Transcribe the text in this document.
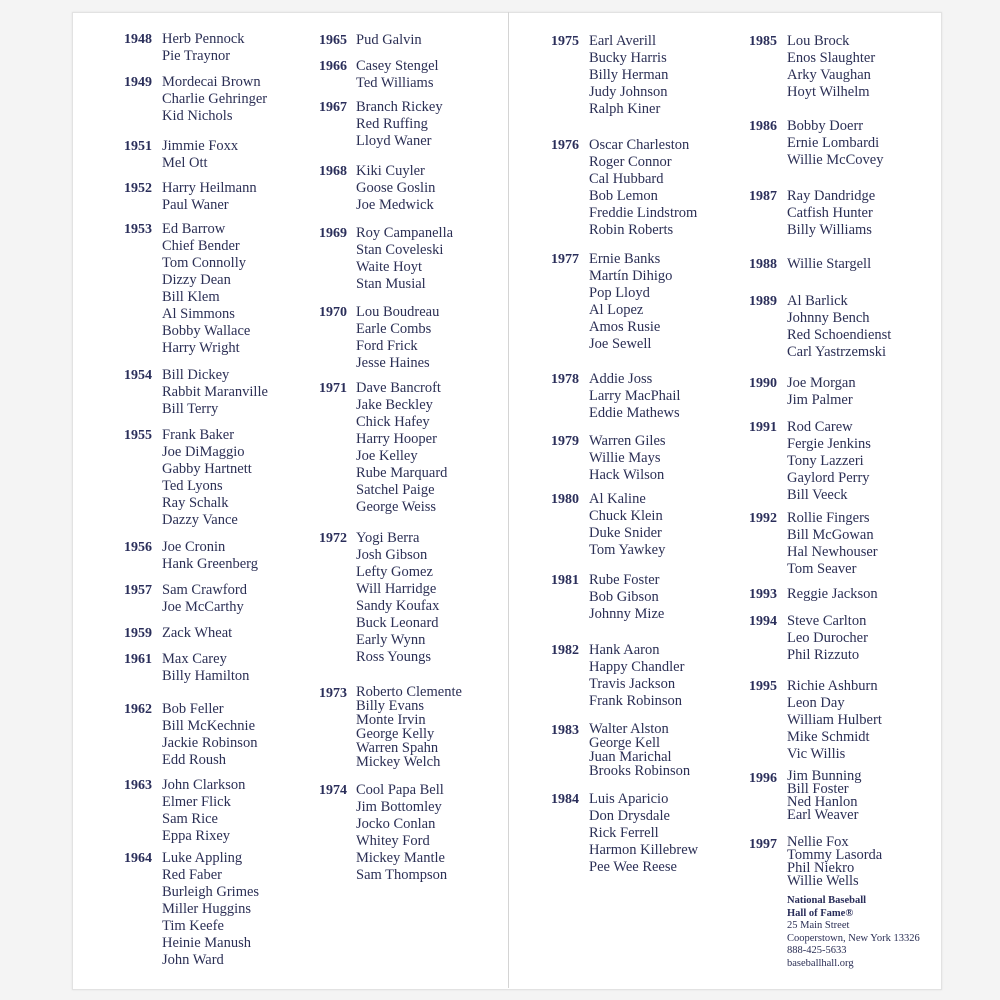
1948 Herb Pennock
Pie Traynor
1949 Mordecai Brown
Charlie Gehringer
Kid Nichols
1951 Jimmie Foxx
Mel Ott
1952 Harry Heilmann
Paul Waner
1953 Ed Barrow
Chief Bender
Tom Connolly
Dizzy Dean
Bill Klem
Al Simmons
Bobby Wallace
Harry Wright
1954 Bill Dickey
Rabbit Maranville
Bill Terry
1955 Frank Baker
Joe DiMaggio
Gabby Hartnett
Ted Lyons
Ray Schalk
Dazzy Vance
1956 Joe Cronin
Hank Greenberg
1957 Sam Crawford
Joe McCarthy
1959 Zack Wheat
1961 Max Carey
Billy Hamilton
1962 Bob Feller
Bill McKechnie
Jackie Robinson
Edd Roush
1963 John Clarkson
Elmer Flick
Sam Rice
Eppa Rixey
1964 Luke Appling
Red Faber
Burleigh Grimes
Miller Huggins
Tim Keefe
Heinie Manush
John Ward
1965 Pud Galvin
1966 Casey Stengel
Ted Williams
1967 Branch Rickey
Red Ruffing
Lloyd Waner
1968 Kiki Cuyler
Goose Goslin
Joe Medwick
1969 Roy Campanella
Stan Coveleski
Waite Hoyt
Stan Musial
1970 Lou Boudreau
Earle Combs
Ford Frick
Jesse Haines
1971 Dave Bancroft
Jake Beckley
Chick Hafey
Harry Hooper
Joe Kelley
Rube Marquard
Satchel Paige
George Weiss
1972 Yogi Berra
Josh Gibson
Lefty Gomez
Will Harridge
Sandy Koufax
Buck Leonard
Early Wynn
Ross Youngs
1973 Roberto Clemente
Billy Evans
Monte Irvin
George Kelly
Warren Spahn
Mickey Welch
1974 Cool Papa Bell
Jim Bottomley
Jocko Conlan
Whitey Ford
Mickey Mantle
Sam Thompson
1975 Earl Averill
Bucky Harris
Billy Herman
Judy Johnson
Ralph Kiner
1976 Oscar Charleston
Roger Connor
Cal Hubbard
Bob Lemon
Freddie Lindstrom
Robin Roberts
1977 Ernie Banks
Martín Dihigo
Pop Lloyd
Al Lopez
Amos Rusie
Joe Sewell
1978 Addie Joss
Larry MacPhail
Eddie Mathews
1979 Warren Giles
Willie Mays
Hack Wilson
1980 Al Kaline
Chuck Klein
Duke Snider
Tom Yawkey
1981 Rube Foster
Bob Gibson
Johnny Mize
1982 Hank Aaron
Happy Chandler
Travis Jackson
Frank Robinson
1983 Walter Alston
George Kell
Juan Marichal
Brooks Robinson
1984 Luis Aparicio
Don Drysdale
Rick Ferrell
Harmon Killebrew
Pee Wee Reese
1985 Lou Brock
Enos Slaughter
Arky Vaughan
Hoyt Wilhelm
1986 Bobby Doerr
Ernie Lombardi
Willie McCovey
1987 Ray Dandridge
Catfish Hunter
Billy Williams
1988 Willie Stargell
1989 Al Barlick
Johnny Bench
Red Schoendienst
Carl Yastrzemski
1990 Joe Morgan
Jim Palmer
1991 Rod Carew
Fergie Jenkins
Tony Lazzeri
Gaylord Perry
Bill Veeck
1992 Rollie Fingers
Bill McGowan
Hal Newhouser
Tom Seaver
1993 Reggie Jackson
1994 Steve Carlton
Leo Durocher
Phil Rizzuto
1995 Richie Ashburn
Leon Day
William Hulbert
Mike Schmidt
Vic Willis
1996 Jim Bunning
Bill Foster
Ned Hanlon
Earl Weaver
1997 Nellie Fox
Tommy Lasorda
Phil Niekro
Willie Wells
National Baseball
Hall of Fame®
25 Main Street
Cooperstown, New York 13326
888-425-5633
baseballhall.org
